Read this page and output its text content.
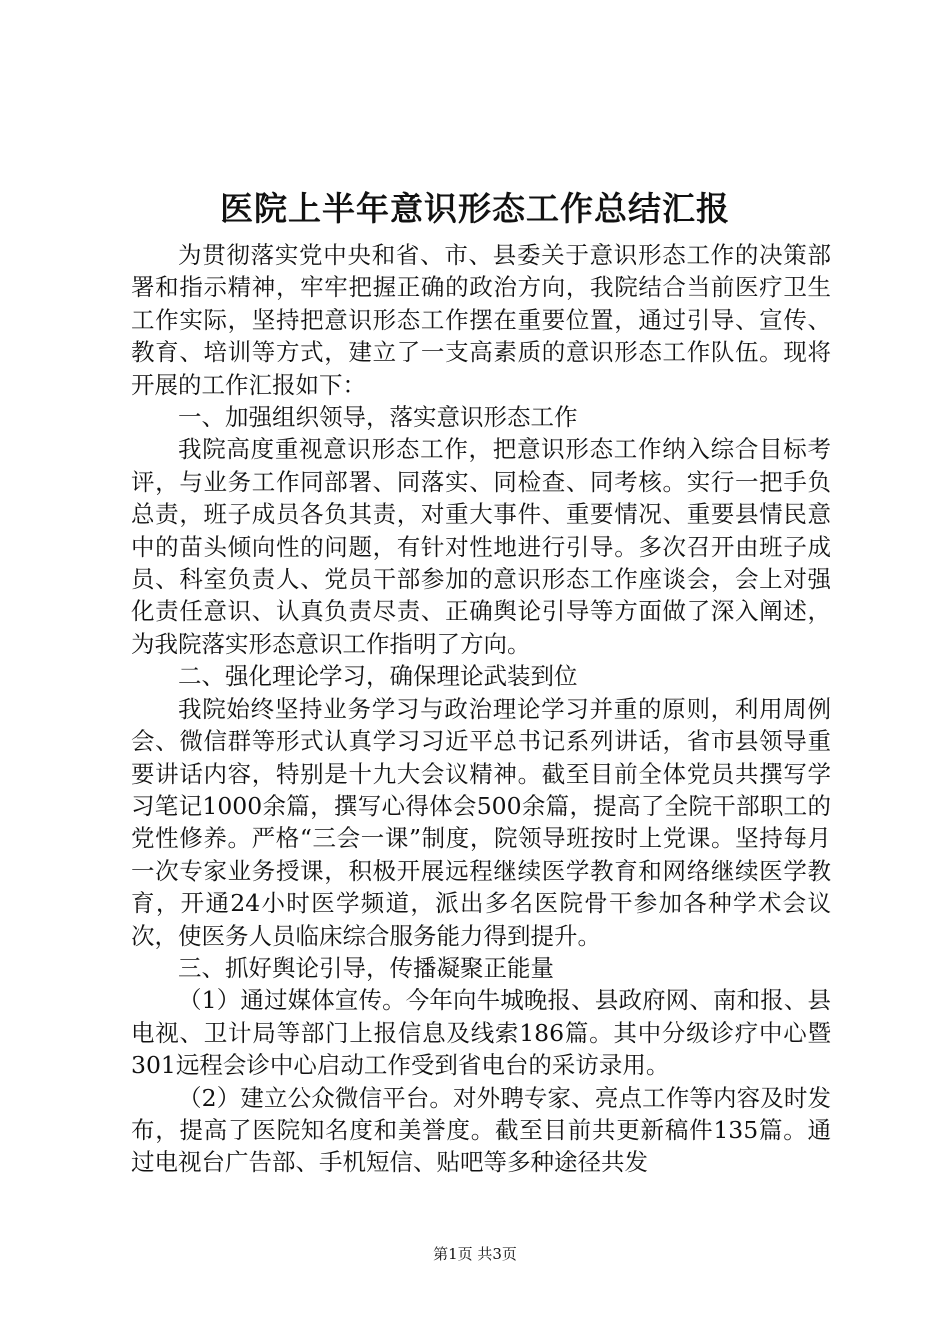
医院上半年意识形态工作总结汇报

为贯彻落实党中央和省、市、县委关于意识形态工作的决策部署和指示精神，牢牢把握正确的政治方向，我院结合当前医疗卫生工作实际，坚持把意识形态工作摆在重要位置，通过引导、宣传、教育、培训等方式，建立了一支高素质的意识形态工作队伍。现将开展的工作汇报如下：

一、加强组织领导，落实意识形态工作

我院高度重视意识形态工作，把意识形态工作纳入综合目标考评，与业务工作同部署、同落实、同检查、同考核。实行一把手负总责，班子成员各负其责，对重大事件、重要情况、重要县情民意中的苗头倾向性的问题，有针对性地进行引导。多次召开由班子成员、科室负责人、党员干部参加的意识形态工作座谈会，会上对强化责任意识、认真负责尽责、正确舆论引导等方面做了深入阐述，为我院落实形态意识工作指明了方向。

二、强化理论学习，确保理论武装到位

我院始终坚持业务学习与政治理论学习并重的原则，利用周例会、微信群等形式认真学习习近平总书记系列讲话，省市县领导重要讲话内容，特别是十九大会议精神。截至目前全体党员共撰写学习笔记1000余篇，撰写心得体会500余篇，提高了全院干部职工的党性修养。严格“三会一课”制度，院领导班按时上党课。坚持每月一次专家业务授课，积极开展远程继续医学教育和网络继续医学教育，开通24小时医学频道，派出多名医院骨干参加各种学术会议次，使医务人员临床综合服务能力得到提升。

三、抓好舆论引导，传播凝聚正能量

（1）通过媒体宣传。今年向牛城晚报、县政府网、南和报、县电视、卫计局等部门上报信息及线索186篇。其中分级诊疗中心暨301远程会诊中心启动工作受到省电台的采访录用。

（2）建立公众微信平台。对外聘专家、亮点工作等内容及时发布，提高了医院知名度和美誉度。截至目前共更新稿件135篇。通过电视台广告部、手机短信、贴吧等多种途径共发

第1页 共3页
